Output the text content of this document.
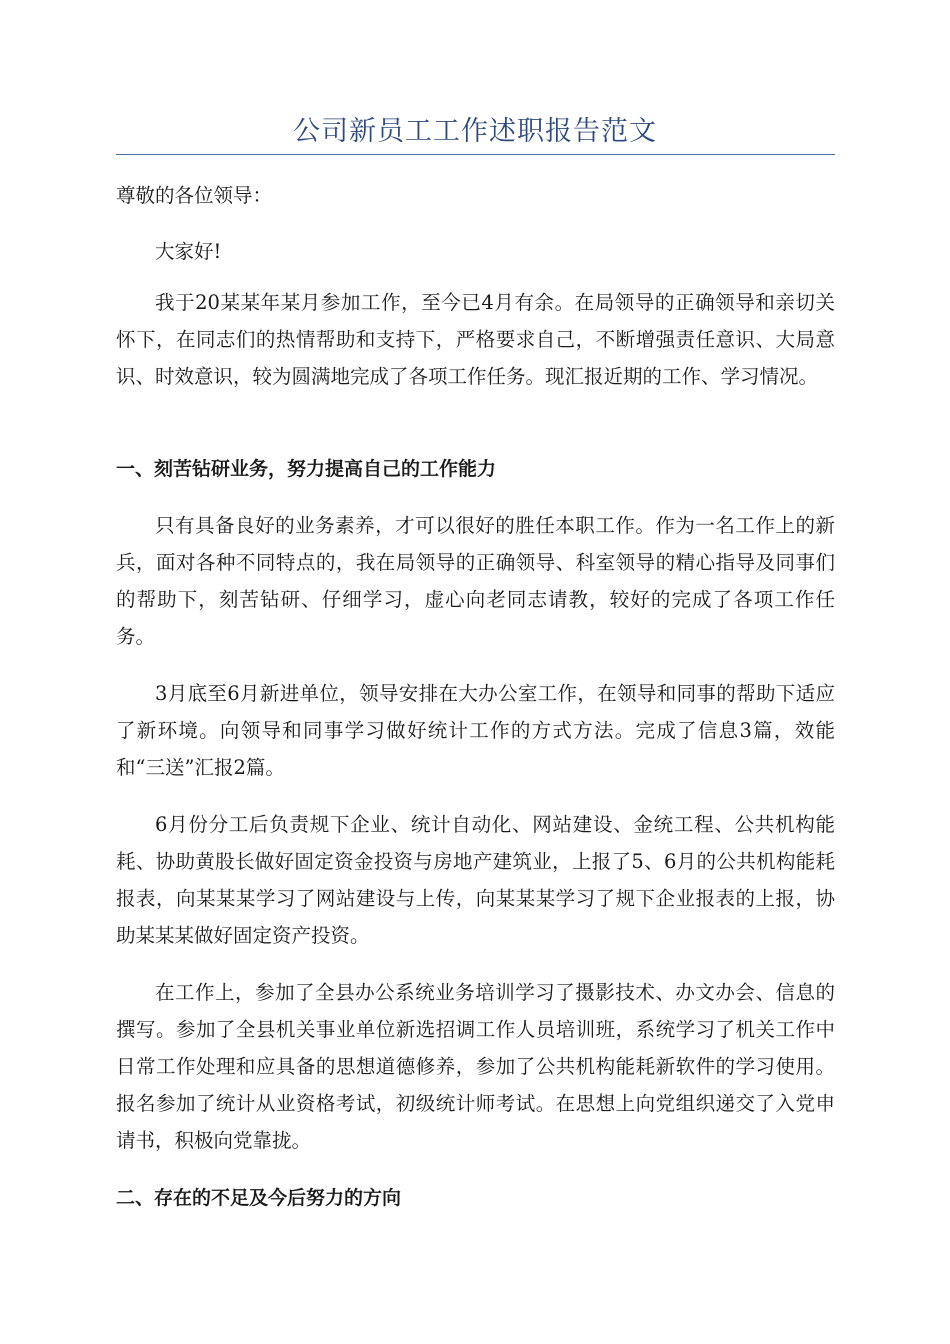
公司新员工工作述职报告范文

尊敬的各位领导：

大家好!

我于20某某年某月参加工作，至今已4月有余。在局领导的正确领导和亲切关怀下，在同志们的热情帮助和支持下，严格要求自己，不断增强责任意识、大局意识、时效意识，较为圆满地完成了各项工作任务。现汇报近期的工作、学习情况。

一、刻苦钻研业务，努力提高自己的工作能力

只有具备良好的业务素养，才可以很好的胜任本职工作。作为一名工作上的新兵，面对各种不同特点的，我在局领导的正确领导、科室领导的精心指导及同事们的帮助下，刻苦钻研、仔细学习，虚心向老同志请教，较好的完成了各项工作任务。

3月底至6月新进单位，领导安排在大办公室工作，在领导和同事的帮助下适应了新环境。向领导和同事学习做好统计工作的方式方法。完成了信息3篇，效能和“三送”汇报2篇。

6月份分工后负责规下企业、统计自动化、网站建设、金统工程、公共机构能耗、协助黄股长做好固定资金投资与房地产建筑业，上报了5、6月的公共机构能耗报表，向某某某学习了网站建设与上传，向某某某学习了规下企业报表的上报，协助某某某做好固定资产投资。

在工作上，参加了全县办公系统业务培训学习了摄影技术、办文办会、信息的撰写。参加了全县机关事业单位新选招调工作人员培训班，系统学习了机关工作中日常工作处理和应具备的思想道德修养，参加了公共机构能耗新软件的学习使用。报名参加了统计从业资格考试，初级统计师考试。在思想上向党组织递交了入党申请书，积极向党靠拢。

二、存在的不足及今后努力的方向
